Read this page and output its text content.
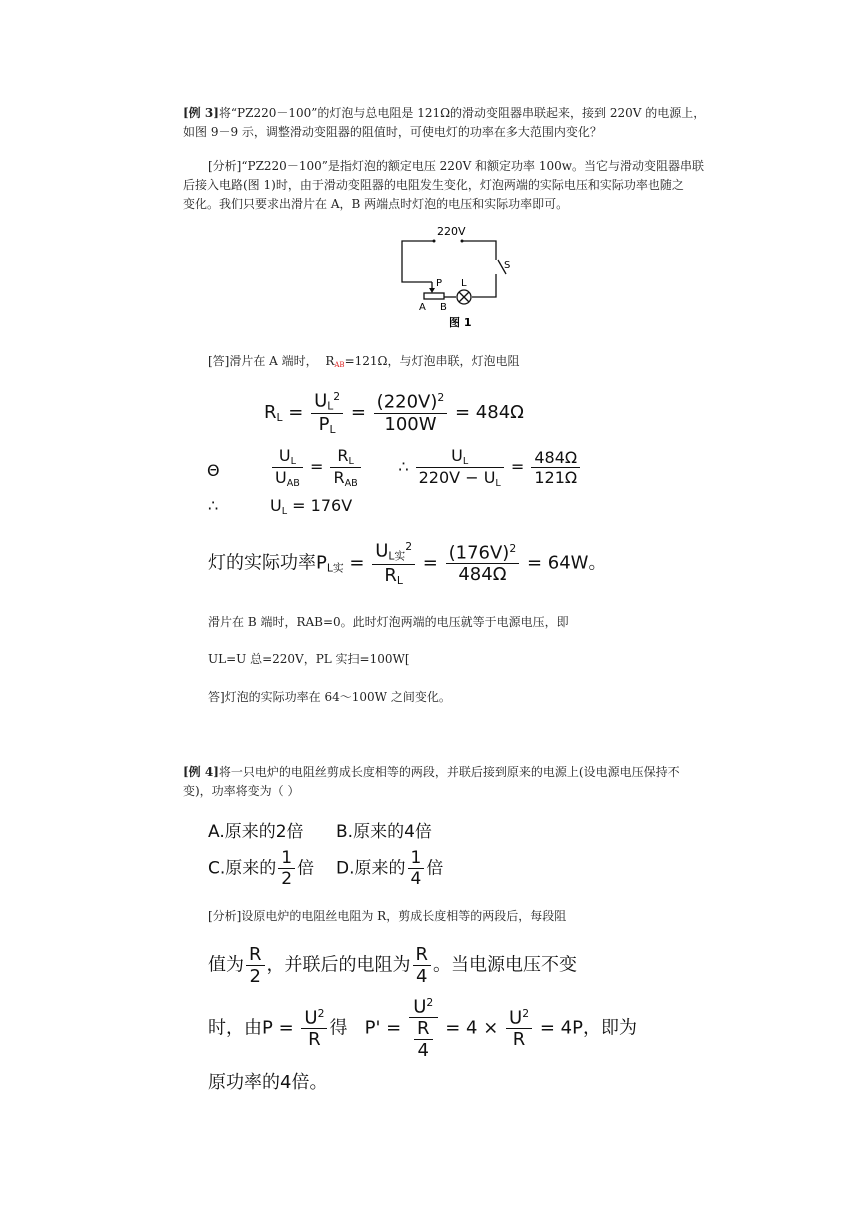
[例 3]将“PZ220－100”的灯泡与总电阻是 121Ω的滑动变阻器串联起来，接到 220V 的电源上，
如图 9－9 示，调整滑动变阻器的阻值时，可使电灯的功率在多大范围内变化？
[分析]“PZ220－100”是指灯泡的额定电压 220V 和额定功率 100w。当它与滑动变阻器串联
后接入电路(图 1)时，由于滑动变阻器的电阻发生变化，灯泡两端的实际电压和实际功率也随之
变化。我们只要求出滑片在 A，B 两端点时灯泡的电压和实际功率即可。
220V
S
P L
A B
图 1
[答]滑片在 A 端时， RAB=121Ω，与灯泡串联，灯泡电阻
$R_L = \frac{U_L^2}{P_L} = \frac{(220V)^2}{100W} = 484\Omega$
Θ	$\frac{U_L}{U_{AB}} = \frac{R_L}{R_{AB}}$ ∴ $\frac{U_L}{220V - U_L} = \frac{484\Omega}{121\Omega}$
∴	$U_L = 176V$
灯的实际功率$P_{L实} = \frac{U_{L实}^2}{R_L} = \frac{(176V)^2}{484\Omega} = 64W$。
滑片在 B 端时，RAB=0。此时灯泡两端的电压就等于电源电压，即
UL=U 总=220V，PL 实扫=100W[
答]灯泡的实际功率在 64～100W 之间变化。
[例 4]将一只电炉的电阻丝剪成长度相等的两段，并联后接到原来的电源上(设电源电压保持不
变)，功率将变为（ ）
A.原来的2倍 B.原来的4倍
C.原来的 $\frac{1}{2}$ 倍 D.原来的 $\frac{1}{4}$ 倍
[分析]设原电炉的电阻丝电阻为 R，剪成长度相等的两段后，每段阻
值为 $\frac{R}{2}$ ，并联后的电阻为 $\frac{R}{4}$ 。当电源电压不变
时，由$P = \frac{U^2}{R}$ 得 $P' = \frac{U^2}{\frac{R}{4}} = 4 \times \frac{U^2}{R} = 4P$，即为
原功率的4倍。
